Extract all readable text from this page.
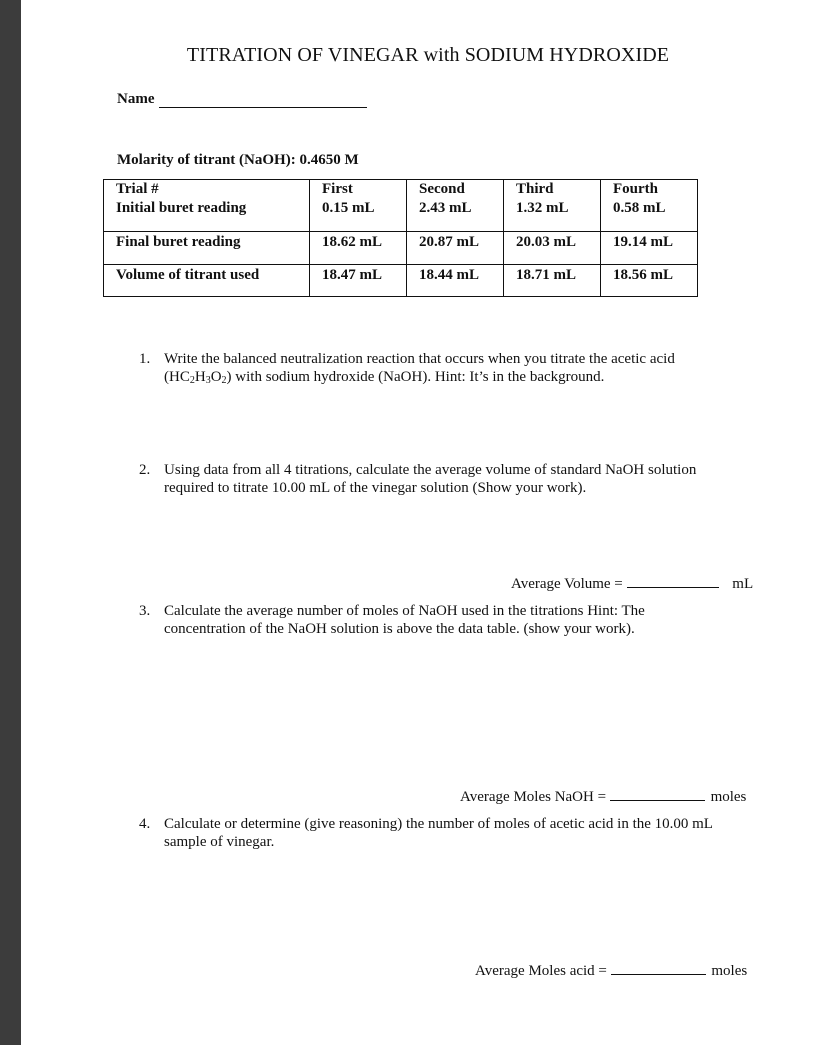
TITRATION OF VINEGAR with SODIUM HYDROXIDE
Name
Molarity of titrant (NaOH): 0.4650 M
Trial #	First	Second	Third	Fourth
Initial buret reading	0.15 mL	2.43 mL	1.32 mL	0.58 mL
Final buret reading	18.62 mL	20.87 mL	20.03 mL	19.14 mL
Volume of titrant used	18.47 mL	18.44 mL	18.71 mL	18.56 mL
1. Write the balanced neutralization reaction that occurs when you titrate the acetic acid
$(HC_2H_3O_2)$ with sodium hydroxide (NaOH). Hint: It’s in the background.
2. Using data from all 4 titrations, calculate the average volume of standard NaOH solution
required to titrate 10.00 mL of the vinegar solution (Show your work).
Average Volume =	mL
3. Calculate the average number of moles of NaOH used in the titrations Hint: The
concentration of the NaOH solution is above the data table. (show your work).
Average Moles NaOH =	moles
4. Calculate or determine (give reasoning) the number of moles of acetic acid in the 10.00 mL
sample of vinegar.
Average Moles acid =	moles
